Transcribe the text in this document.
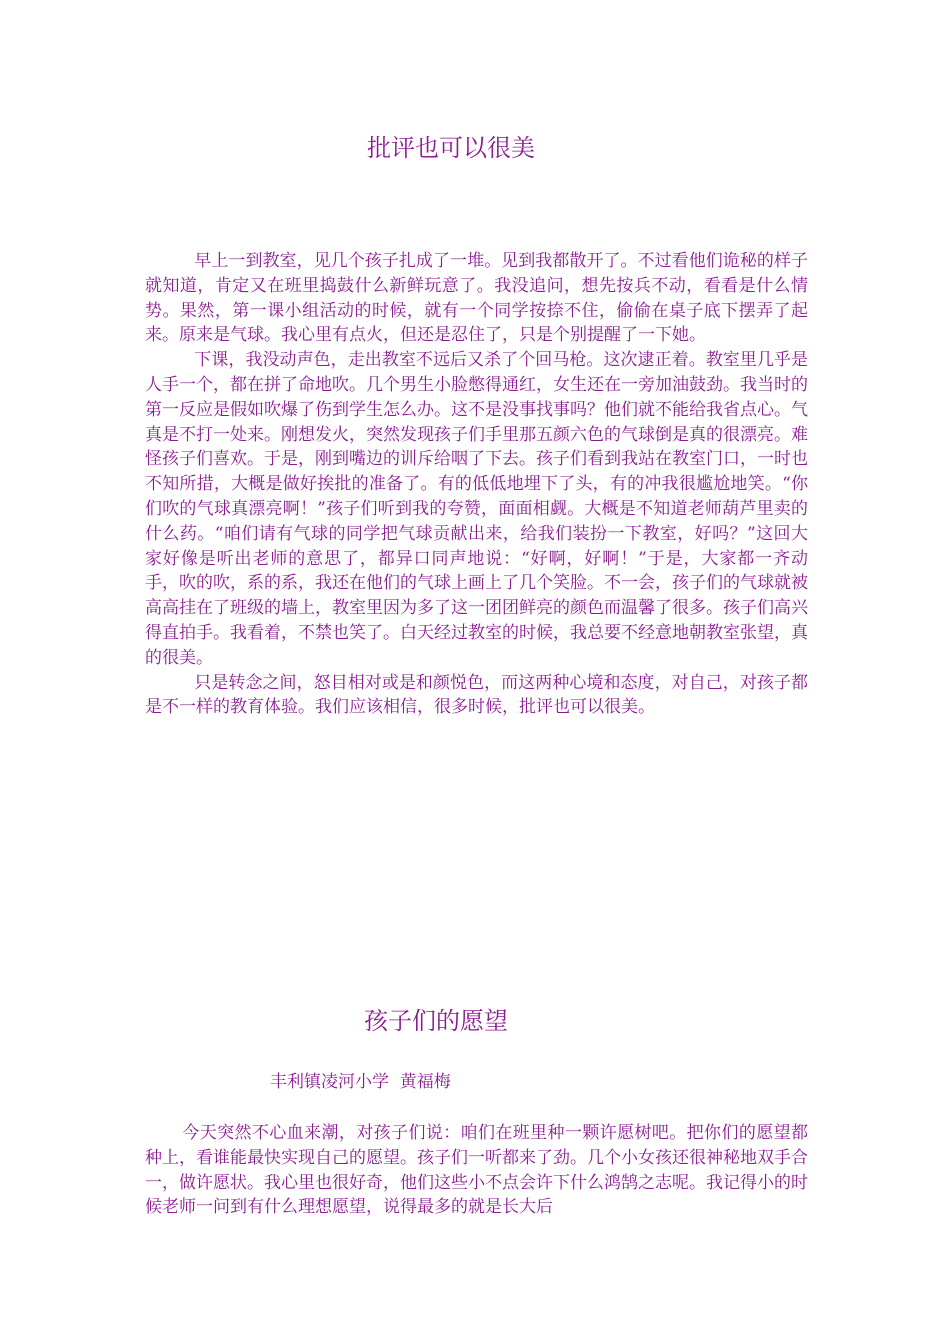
批评也可以很美

早上一到教室，见几个孩子扎成了一堆。见到我都散开了。不过看他们诡秘的样子就知道，肯定又在班里捣鼓什么新鲜玩意了。我没追问，想先按兵不动，看看是什么情势。果然，第一课小组活动的时候，就有一个同学按捺不住，偷偷在桌子底下摆弄了起来。原来是气球。我心里有点火，但还是忍住了，只是个别提醒了一下她。

下课，我没动声色，走出教室不远后又杀了个回马枪。这次逮正着。教室里几乎是人手一个，都在拼了命地吹。几个男生小脸憋得通红，女生还在一旁加油鼓劲。我当时的第一反应是假如吹爆了伤到学生怎么办。这不是没事找事吗？他们就不能给我省点心。气真是不打一处来。刚想发火，突然发现孩子们手里那五颜六色的气球倒是真的很漂亮。难怪孩子们喜欢。于是，刚到嘴边的训斥给咽了下去。孩子们看到我站在教室门口，一时也不知所措，大概是做好挨批的准备了。有的低低地埋下了头，有的冲我很尴尬地笑。“你们吹的气球真漂亮啊！”孩子们听到我的夸赞，面面相觑。大概是不知道老师葫芦里卖的什么药。“咱们请有气球的同学把气球贡献出来，给我们装扮一下教室，好吗？”这回大家好像是听出老师的意思了，都异口同声地说：“好啊，好啊！”于是，大家都一齐动手，吹的吹，系的系，我还在他们的气球上画上了几个笑脸。不一会，孩子们的气球就被高高挂在了班级的墙上，教室里因为多了这一团团鲜亮的颜色而温馨了很多。孩子们高兴得直拍手。我看着，不禁也笑了。白天经过教室的时候，我总要不经意地朝教室张望，真的很美。

只是转念之间，怒目相对或是和颜悦色，而这两种心境和态度，对自己，对孩子都是不一样的教育体验。我们应该相信，很多时候，批评也可以很美。

孩子们的愿望
丰利镇凌河小学  黄福梅

今天突然不心血来潮，对孩子们说：咱们在班里种一颗许愿树吧。把你们的愿望都种上，看谁能最快实现自己的愿望。孩子们一听都来了劲。几个小女孩还很神秘地双手合一，做许愿状。我心里也很好奇，他们这些小不点会许下什么鸿鹄之志呢。我记得小的时候老师一问到有什么理想愿望，说得最多的就是长大后
